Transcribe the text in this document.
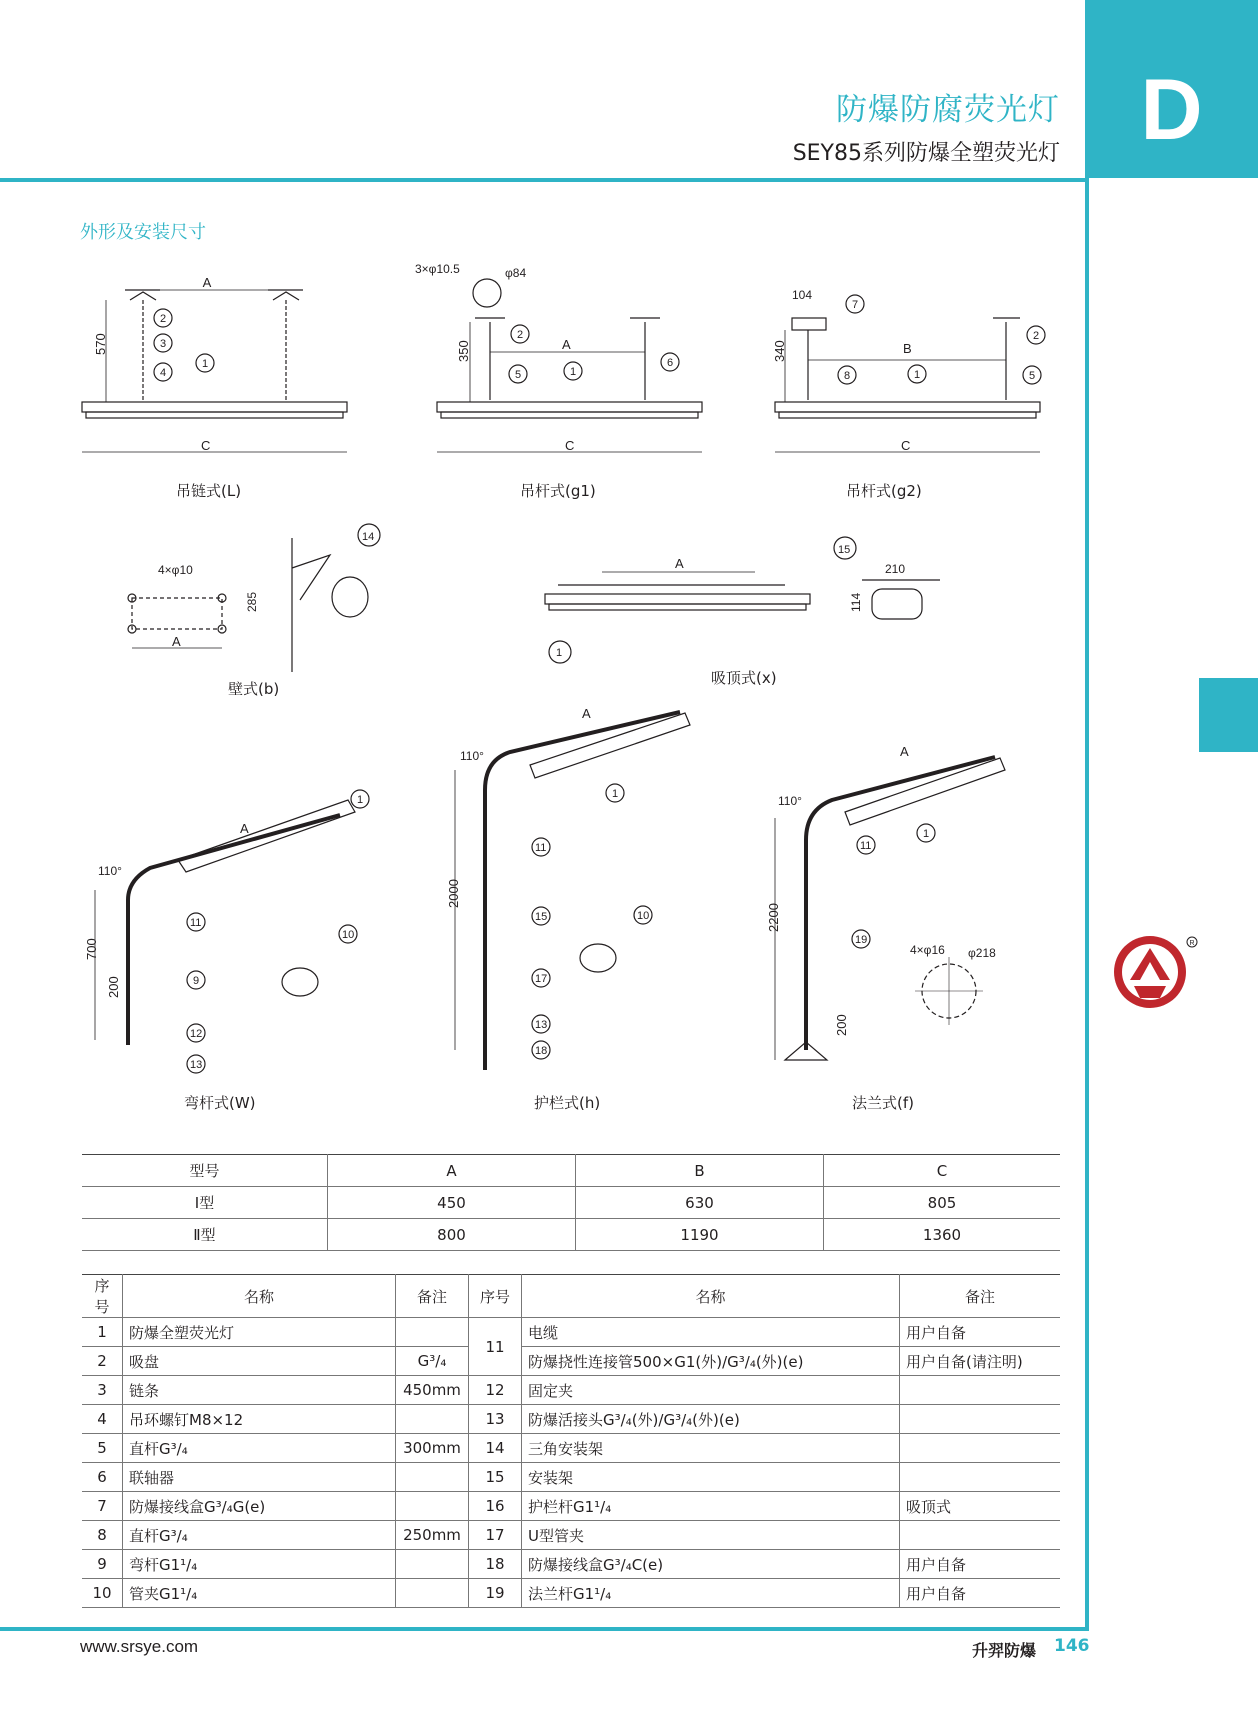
D
防爆防腐荧光灯
SEY85系列防爆全塑荧光灯
外形及安装尺寸
A
570
C
2
3
4
1
3×φ10.5	φ84
A
350
C
2
5	1
6
104
B
340
C
7
2
5
8	1
4×φ10
A
285
14
A
1
15
210
114
A
110°
700
200
1
11
9
12
13
10
A
110°
2000
1
11
15
17
13
18
10
A
110°
2200
200
1
11
19
4×φ16 φ218
吊链式(L)	吊杆式(g1)	吊杆式(g2)
壁式(b)
吸顶式(x)
弯杆式(W)	护栏式(h)	法兰式(f)
型号	A	B	C
Ⅰ型	450	630	805
Ⅱ型	800	1190	1360
序号	名称	备注	序号	名称	备注
1	防爆全塑荧光灯		11	电缆	用户自备
2	吸盘	G³/₄		防爆挠性连接管500×G1(外)/G³/₄(外)(e)	用户自备(请注明)
3	链条	450mm	12	固定夹	
4	吊环螺钉M8×12		13	防爆活接头G³/₄(外)/G³/₄(外)(e)	
5	直杆G³/₄	300mm	14	三角安装架	
6	联轴器		15	安装架	
7	防爆接线盒G³/₄G(e)		16	护栏杆G1¹/₄	吸顶式
8	直杆G³/₄	250mm	17	U型管夹	
9	弯杆G1¹/₄		18	防爆接线盒G³/₄C(e)	用户自备
10	管夹G1¹/₄		19	法兰杆G1¹/₄	用户自备
www.srsye.com	升羿防爆 146
R
